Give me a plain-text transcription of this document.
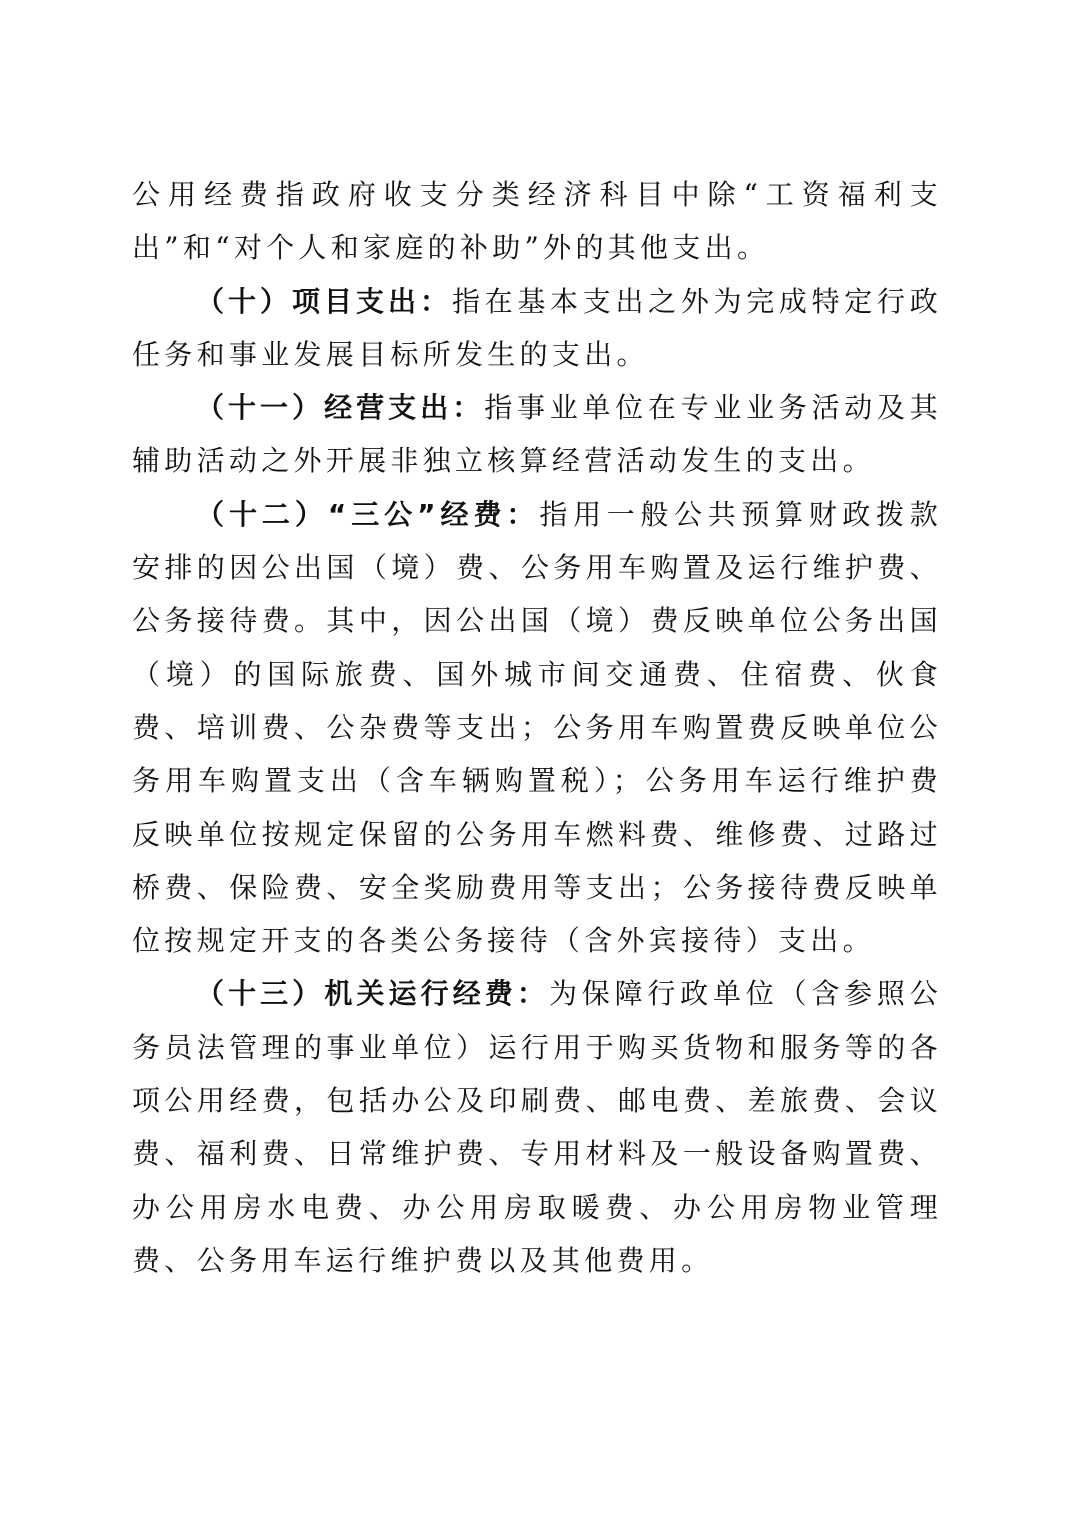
公用经费指政府收支分类经济科目中除“工资福利支出”和“对个人和家庭的补助”外的其他支出。

（十）项目支出：指在基本支出之外为完成特定行政任务和事业发展目标所发生的支出。

（十一）经营支出：指事业单位在专业业务活动及其辅助活动之外开展非独立核算经营活动发生的支出。

（十二）“三公”经费：指用一般公共预算财政拨款安排的因公出国（境）费、公务用车购置及运行维护费、公务接待费。其中，因公出国（境）费反映单位公务出国（境）的国际旅费、国外城市间交通费、住宿费、伙食费、培训费、公杂费等支出；公务用车购置费反映单位公务用车购置支出（含车辆购置税）；公务用车运行维护费反映单位按规定保留的公务用车燃料费、维修费、过路过桥费、保险费、安全奖励费用等支出；公务接待费反映单位按规定开支的各类公务接待（含外宾接待）支出。

（十三）机关运行经费：为保障行政单位（含参照公务员法管理的事业单位）运行用于购买货物和服务等的各项公用经费，包括办公及印刷费、邮电费、差旅费、会议费、福利费、日常维护费、专用材料及一般设备购置费、办公用房水电费、办公用房取暖费、办公用房物业管理费、公务用车运行维护费以及其他费用。
